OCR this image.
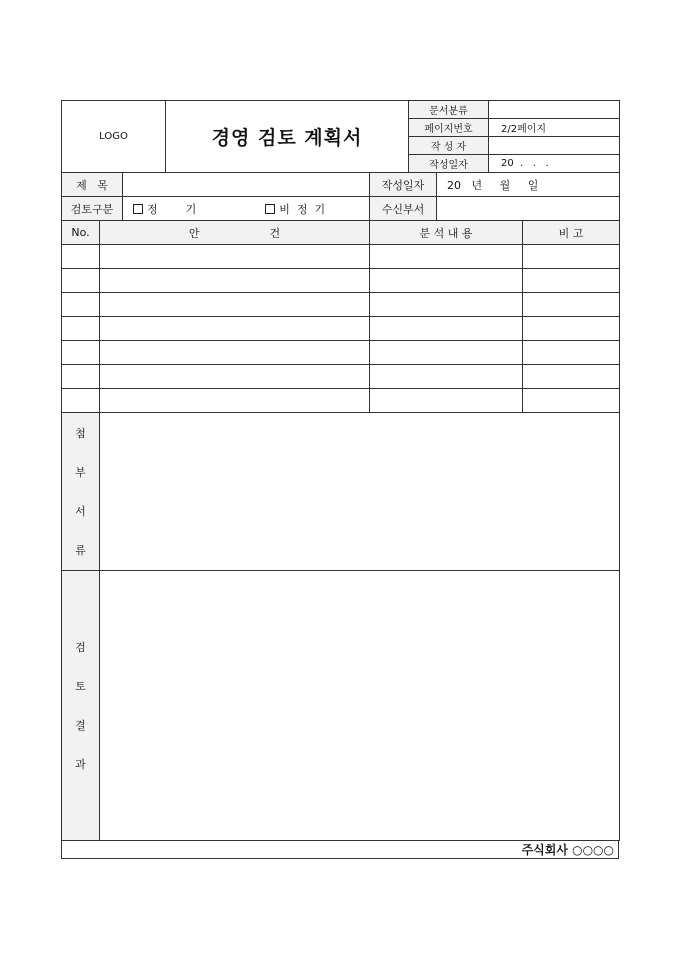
LOGO	경영 검토 계획서	문서분류	
		페이지번호	2/2페이지
		작 성 자	
		작성일자	20  .   .   .
제   목		작성일자	20   년     월     일
검토구분	정        기 비  정  기	수신부서	
No.	안                    건	분 석 내 용	비 고

첨
부
서
류

검
토
결
과

주식회사 ○○○○
